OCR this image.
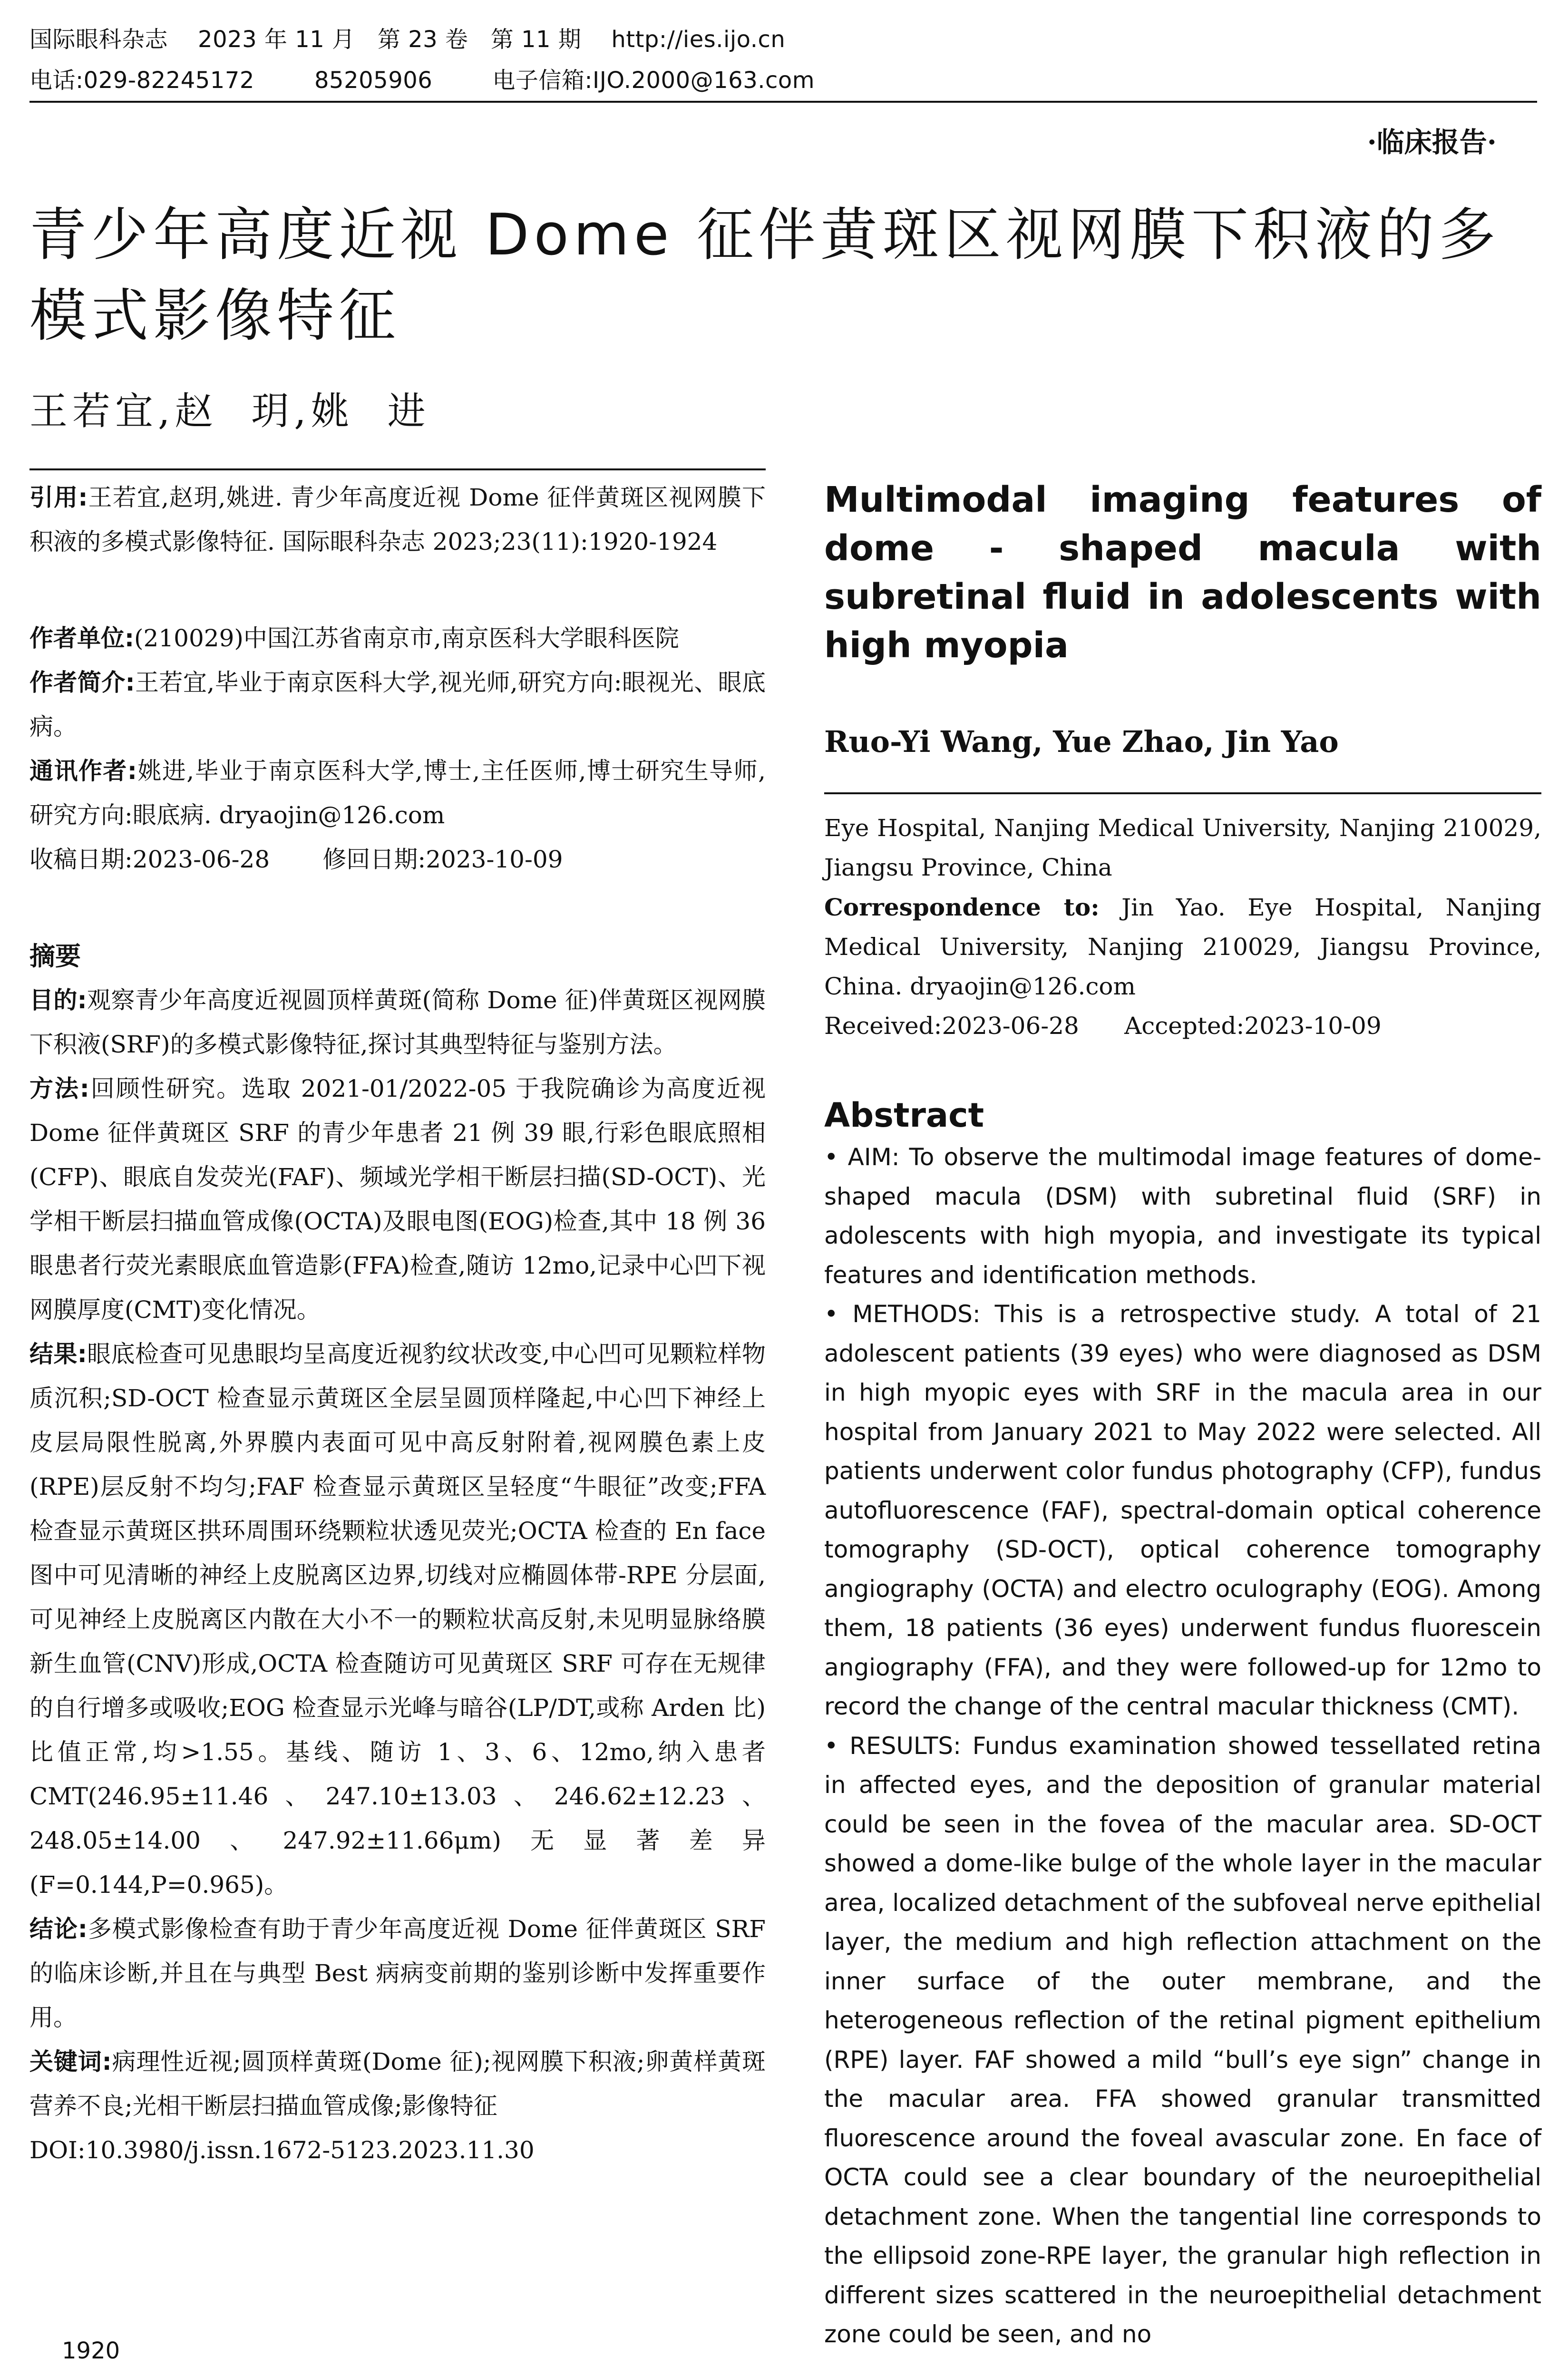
国际眼科杂志 2023 年 11 月   第 23 卷   第 11 期 http://ies.ijo.cn
电话:029-82245172	85205906	电子信箱:IJO.2000@163.com
·临床报告·
青少年高度近视 Dome 征伴黄斑区视网膜下积液的多模式影像特征
王若宜,赵  玥,姚  进

引用:王若宜,赵玥,姚进. 青少年高度近视 Dome 征伴黄斑区视网膜下积液的多模式影像特征. 国际眼科杂志 2023;23(11):1920-1924

作者单位:(210029)中国江苏省南京市,南京医科大学眼科医院

作者简介:王若宜,毕业于南京医科大学,视光师,研究方向:眼视光、眼底病。

通讯作者:姚进,毕业于南京医科大学,博士,主任医师,博士研究生导师,研究方向:眼底病. dryaojin@126.com

收稿日期:2023-06-28       修回日期:2023-10-09

摘要

目的:观察青少年高度近视圆顶样黄斑(简称 Dome 征)伴黄斑区视网膜下积液(SRF)的多模式影像特征,探讨其典型特征与鉴别方法。

方法:回顾性研究。选取 2021-01/2022-05 于我院确诊为高度近视 Dome 征伴黄斑区 SRF 的青少年患者 21 例 39 眼,行彩色眼底照相(CFP)、眼底自发荧光(FAF)、频域光学相干断层扫描(SD-OCT)、光学相干断层扫描血管成像(OCTA)及眼电图(EOG)检查,其中 18 例 36 眼患者行荧光素眼底血管造影(FFA)检查,随访 12mo,记录中心凹下视网膜厚度(CMT)变化情况。

结果:眼底检查可见患眼均呈高度近视豹纹状改变,中心凹可见颗粒样物质沉积;SD-OCT 检查显示黄斑区全层呈圆顶样隆起,中心凹下神经上皮层局限性脱离,外界膜内表面可见中高反射附着,视网膜色素上皮(RPE)层反射不均匀;FAF 检查显示黄斑区呈轻度“牛眼征”改变;FFA 检查显示黄斑区拱环周围环绕颗粒状透见荧光;OCTA 检查的 En face 图中可见清晰的神经上皮脱离区边界,切线对应椭圆体带-RPE 分层面,可见神经上皮脱离区内散在大小不一的颗粒状高反射,未见明显脉络膜新生血管(CNV)形成,OCTA 检查随访可见黄斑区 SRF 可存在无规律的自行增多或吸收;EOG 检查显示光峰与暗谷(LP/DT,或称 Arden 比)比值正常,均>1.55。基线、随访 1、3、6、12mo,纳入患者 CMT(246.95±11.46、247.10±13.03、246.62±12.23、248.05±14.00、247.92±11.66μm)无显著差异(F=0.144,P=0.965)。

结论:多模式影像检查有助于青少年高度近视 Dome 征伴黄斑区 SRF 的临床诊断,并且在与典型 Best 病病变前期的鉴别诊断中发挥重要作用。

关键词:病理性近视;圆顶样黄斑(Dome 征);视网膜下积液;卵黄样黄斑营养不良;光相干断层扫描血管成像;影像特征

DOI:10.3980/j.issn.1672-5123.2023.11.30

Multimodal imaging features of dome - shaped macula with subretinal fluid in adolescents with high myopia

Ruo-Yi Wang, Yue Zhao, Jin Yao

Eye Hospital, Nanjing Medical University, Nanjing 210029, Jiangsu Province, China

Correspondence to: Jin Yao. Eye Hospital, Nanjing Medical University, Nanjing 210029, Jiangsu Province, China. dryaojin@126.com

Received:2023-06-28      Accepted:2023-10-09

Abstract

• AIM: To observe the multimodal image features of dome-shaped macula (DSM) with subretinal fluid (SRF) in adolescents with high myopia, and investigate its typical features and identification methods.

• METHODS: This is a retrospective study. A total of 21 adolescent patients (39 eyes) who were diagnosed as DSM in high myopic eyes with SRF in the macula area in our hospital from January 2021 to May 2022 were selected. All patients underwent color fundus photography (CFP), fundus autofluorescence (FAF), spectral-domain optical coherence tomography (SD-OCT), optical coherence tomography angiography (OCTA) and electro oculography (EOG). Among them, 18 patients (36 eyes) underwent fundus fluorescein angiography (FFA), and they were followed-up for 12mo to record the change of the central macular thickness (CMT).

• RESULTS: Fundus examination showed tessellated retina in affected eyes, and the deposition of granular material could be seen in the fovea of the macular area. SD-OCT showed a dome-like bulge of the whole layer in the macular area, localized detachment of the subfoveal nerve epithelial layer, the medium and high reflection attachment on the inner surface of the outer membrane, and the heterogeneous reflection of the retinal pigment epithelium (RPE) layer. FAF showed a mild “bull’s eye sign” change in the macular area. FFA showed granular transmitted fluorescence around the foveal avascular zone. En face of OCTA could see a clear boundary of the neuroepithelial detachment zone. When the tangential line corresponds to the ellipsoid zone-RPE layer, the granular high reflection in different sizes scattered in the neuroepithelial detachment zone could be seen, and no

1920
